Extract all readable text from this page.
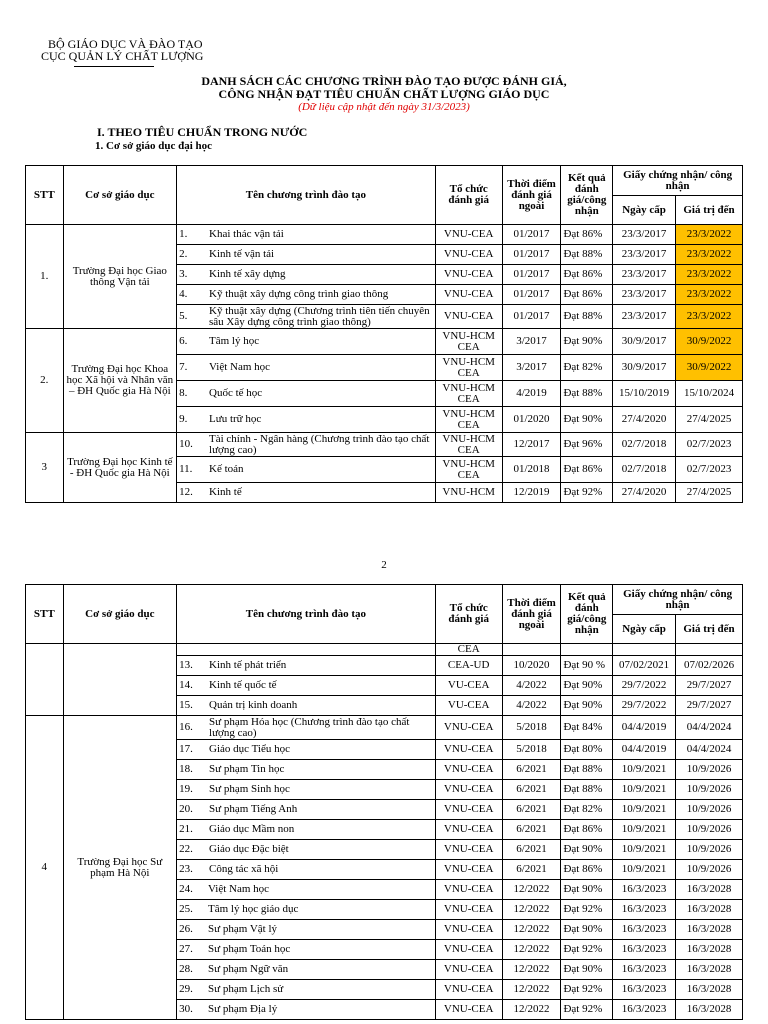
BỘ GIÁO DỤC VÀ ĐÀO TẠO
CỤC QUẢN LÝ CHẤT LƯỢNG
DANH SÁCH CÁC CHƯƠNG TRÌNH ĐÀO TẠO ĐƯỢC ĐÁNH GIÁ,
CÔNG NHẬN ĐẠT TIÊU CHUẨN CHẤT LƯỢNG GIÁO DỤC
(Dữ liệu cập nhật đến ngày 31/3/2023)
I. THEO TIÊU CHUẨN TRONG NƯỚC
1. Cơ sở giáo dục đại học
STT	Cơ sở giáo dục	Tên chương trình đào tạo		Tổ chức đánh giá	Thời điểm đánh giá ngoài	Kết quả đánh giá/công nhận	Giấy chứng nhận/ công nhận	
							Ngày cấp	Giá trị đến
1.	Trường Đại học Giao thông Vận tải	1.	Khai thác vận tải	VNU-CEA	01/2017	Đạt 86%	23/3/2017	23/3/2022
		2.	Kinh tế vận tải	VNU-CEA	01/2017	Đạt 88%	23/3/2017	23/3/2022
		3.	Kinh tế xây dựng	VNU-CEA	01/2017	Đạt 86%	23/3/2017	23/3/2022
		4.	Kỹ thuật xây dựng công trình giao thông	VNU-CEA	01/2017	Đạt 86%	23/3/2017	23/3/2022
		5.	Kỹ thuật xây dựng (Chương trình tiên tiến chuyên sâu Xây dựng công trình giao thông)	VNU-CEA	01/2017	Đạt 88%	23/3/2017	23/3/2022
2.	Trường Đại học Khoa học Xã hội và Nhân văn – ĐH Quốc gia Hà Nội	6.	Tâm lý học	VNU-HCM CEA	3/2017	Đạt 90%	30/9/2017	30/9/2022
		7.	Việt Nam học	VNU-HCM CEA	3/2017	Đạt 82%	30/9/2017	30/9/2022
		8.	Quốc tế học	VNU-HCM CEA	4/2019	Đạt 88%	15/10/2019	15/10/2024
		9.	Lưu trữ học	VNU-HCM CEA	01/2020	Đạt 90%	27/4/2020	27/4/2025
3	Trường Đại học Kinh tế - ĐH Quốc gia Hà Nội	10.	Tài chính - Ngân hàng (Chương trình đào tạo chất lượng cao)	VNU-HCM CEA	12/2017	Đạt 96%	02/7/2018	02/7/2023
		11.	Kế toán	VNU-HCM CEA	01/2018	Đạt 86%	02/7/2018	02/7/2023
		12.	Kinh tế	VNU-HCM	12/2019	Đạt 92%	27/4/2020	27/4/2025
2
STT	Cơ sở giáo dục	Tên chương trình đào tạo		Tổ chức đánh giá	Thời điểm đánh giá ngoài	Kết quả đánh giá/công nhận	Giấy chứng nhận/ công nhận	
							Ngày cấp	Giá trị đến
				CEA				
		13.	Kinh tế phát triển	CEA-UD	10/2020	Đạt 90 %	07/02/2021	07/02/2026
		14.	Kinh tế quốc tế	VU-CEA	4/2022	Đạt 90%	29/7/2022	29/7/2027
		15.	Quản trị kinh doanh	VU-CEA	4/2022	Đạt 90%	29/7/2022	29/7/2027
4	Trường Đại học Sư phạm Hà Nội	16.	Sư phạm Hóa học (Chương trình đào tạo chất lượng cao)	VNU-CEA	5/2018	Đạt 84%	04/4/2019	04/4/2024
		17.	Giáo dục Tiểu học	VNU-CEA	5/2018	Đạt 80%	04/4/2019	04/4/2024
		18.	Sư phạm Tin học	VNU-CEA	6/2021	Đạt 88%	10/9/2021	10/9/2026
		19.	Sư phạm Sinh học	VNU-CEA	6/2021	Đạt 88%	10/9/2021	10/9/2026
		20.	Sư phạm Tiếng Anh	VNU-CEA	6/2021	Đạt 82%	10/9/2021	10/9/2026
		21.	Giáo dục Mầm non	VNU-CEA	6/2021	Đạt 86%	10/9/2021	10/9/2026
		22.	Giáo dục Đặc biệt	VNU-CEA	6/2021	Đạt 90%	10/9/2021	10/9/2026
		23.	Công tác xã hội	VNU-CEA	6/2021	Đạt 86%	10/9/2021	10/9/2026
		24.	Việt Nam học	VNU-CEA	12/2022	Đạt 90%	16/3/2023	16/3/2028
		25.	Tâm lý học giáo dục	VNU-CEA	12/2022	Đạt 92%	16/3/2023	16/3/2028
		26.	Sư phạm Vật lý	VNU-CEA	12/2022	Đạt 90%	16/3/2023	16/3/2028
		27.	Sư phạm Toán học	VNU-CEA	12/2022	Đạt 92%	16/3/2023	16/3/2028
		28.	Sư phạm Ngữ văn	VNU-CEA	12/2022	Đạt 90%	16/3/2023	16/3/2028
		29.	Sư phạm Lịch sử	VNU-CEA	12/2022	Đạt 92%	16/3/2023	16/3/2028
		30.	Sư phạm Địa lý	VNU-CEA	12/2022	Đạt 92%	16/3/2023	16/3/2028
